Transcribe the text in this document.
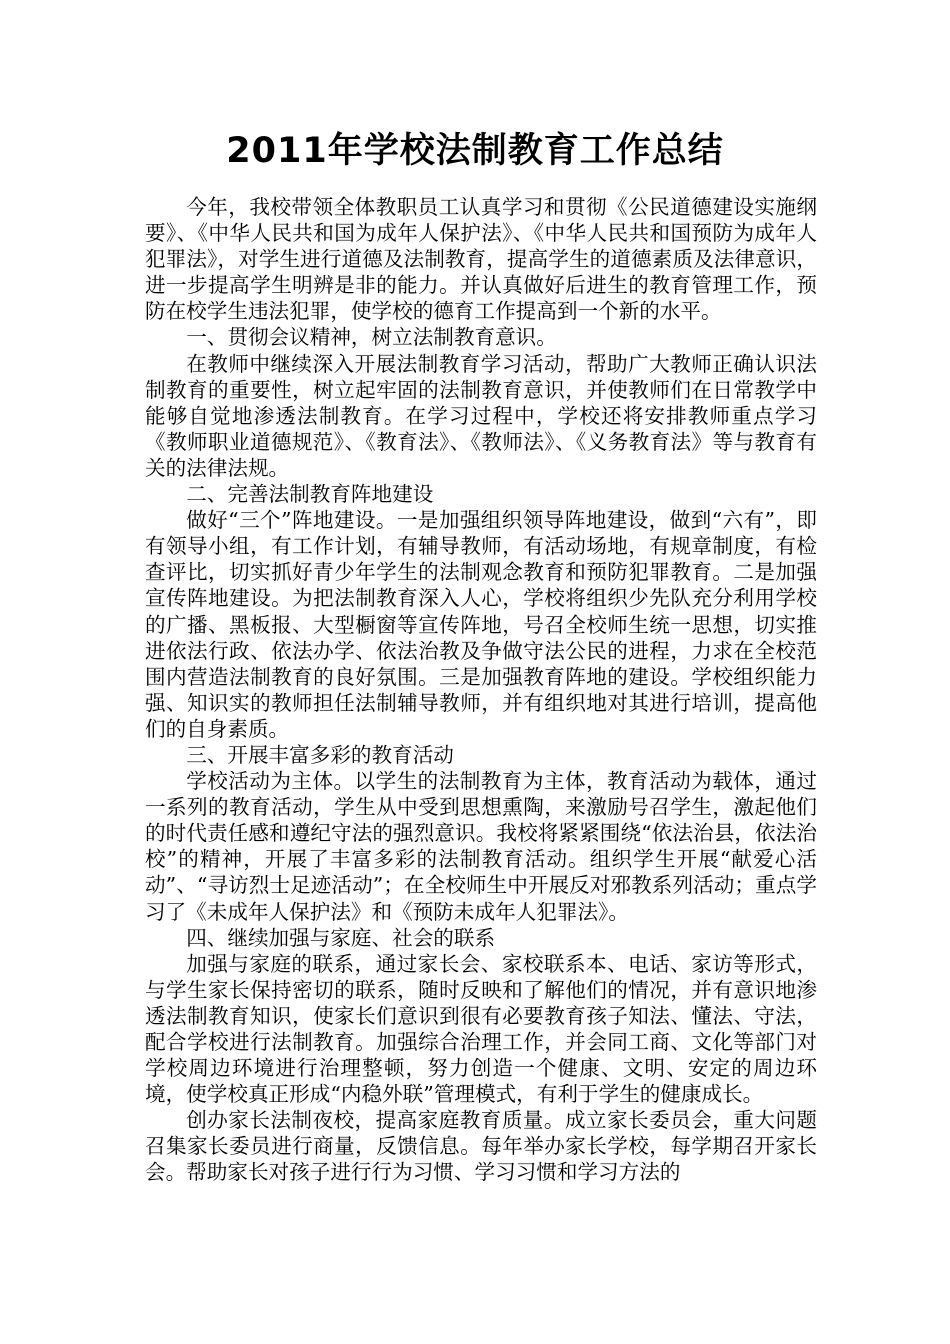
2011年学校法制教育工作总结

今年，我校带领全体教职员工认真学习和贯彻《公民道德建设实施纲要》、《中华人民共和国为成年人保护法》、《中华人民共和国预防为成年人犯罪法》，对学生进行道德及法制教育，提高学生的道德素质及法律意识，进一步提高学生明辨是非的能力。并认真做好后进生的教育管理工作，预防在校学生违法犯罪，使学校的德育工作提高到一个新的水平。

一、贯彻会议精神，树立法制教育意识。

在教师中继续深入开展法制教育学习活动，帮助广大教师正确认识法制教育的重要性，树立起牢固的法制教育意识，并使教师们在日常教学中能够自觉地渗透法制教育。在学习过程中，学校还将安排教师重点学习《教师职业道德规范》、《教育法》、《教师法》、《义务教育法》等与教育有关的法律法规。

二、完善法制教育阵地建设

做好“三个”阵地建设。一是加强组织领导阵地建设，做到“六有”，即有领导小组，有工作计划，有辅导教师，有活动场地，有规章制度，有检查评比，切实抓好青少年学生的法制观念教育和预防犯罪教育。二是加强宣传阵地建设。为把法制教育深入人心，学校将组织少先队充分利用学校的广播、黑板报、大型橱窗等宣传阵地，号召全校师生统一思想，切实推进依法行政、依法办学、依法治教及争做守法公民的进程，力求在全校范围内营造法制教育的良好氛围。三是加强教育阵地的建设。学校组织能力强、知识实的教师担任法制辅导教师，并有组织地对其进行培训，提高他们的自身素质。

三、开展丰富多彩的教育活动

学校活动为主体。以学生的法制教育为主体，教育活动为载体，通过一系列的教育活动，学生从中受到思想熏陶，来激励号召学生，激起他们的时代责任感和遵纪守法的强烈意识。我校将紧紧围绕“依法治县，依法治校”的精神，开展了丰富多彩的法制教育活动。组织学生开展“献爱心活动”、“寻访烈士足迹活动”；在全校师生中开展反对邪教系列活动；重点学习了《未成年人保护法》和《预防未成年人犯罪法》。

四、继续加强与家庭、社会的联系

加强与家庭的联系，通过家长会、家校联系本、电话、家访等形式，与学生家长保持密切的联系，随时反映和了解他们的情况，并有意识地渗透法制教育知识，使家长们意识到很有必要教育孩子知法、懂法、守法，配合学校进行法制教育。加强综合治理工作，并会同工商、文化等部门对学校周边环境进行治理整顿，努力创造一个健康、文明、安定的周边环境，使学校真正形成“内稳外联”管理模式，有利于学生的健康成长。

创办家长法制夜校，提高家庭教育质量。成立家长委员会，重大问题召集家长委员进行商量，反馈信息。每年举办家长学校，每学期召开家长会。帮助家长对孩子进行行为习惯、学习习惯和学习方法的
